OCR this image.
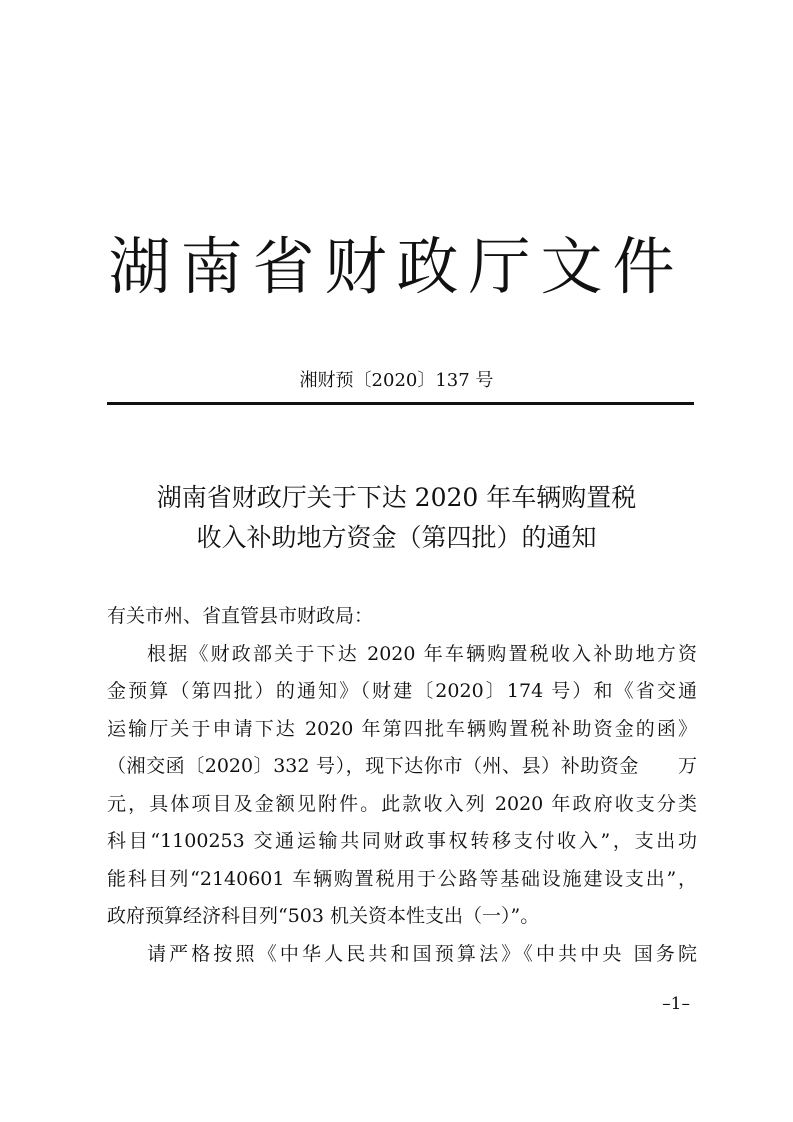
湖南省财政厅文件
湘财预〔2020〕137 号
湖南省财政厅关于下达 2020 年车辆购置税
收入补助地方资金（第四批）的通知
有关市州、省直管县市财政局：
根据《财政部关于下达 2020 年车辆购置税收入补助地方资
金预算（第四批）的通知》（财建〔2020〕174 号）和《省交通
运输厅关于申请下达 2020 年第四批车辆购置税补助资金的函》
（湘交函〔2020〕332 号），现下达你市（州、县）补助资金　　万
元，具体项目及金额见附件。此款收入列 2020 年政府收支分类
科目“1100253 交通运输共同财政事权转移支付收入”，支出功
能科目列“2140601 车辆购置税用于公路等基础设施建设支出”，
政府预算经济科目列“503 机关资本性支出（一）”。
请严格按照《中华人民共和国预算法》《中共中央 国务院
–1–
